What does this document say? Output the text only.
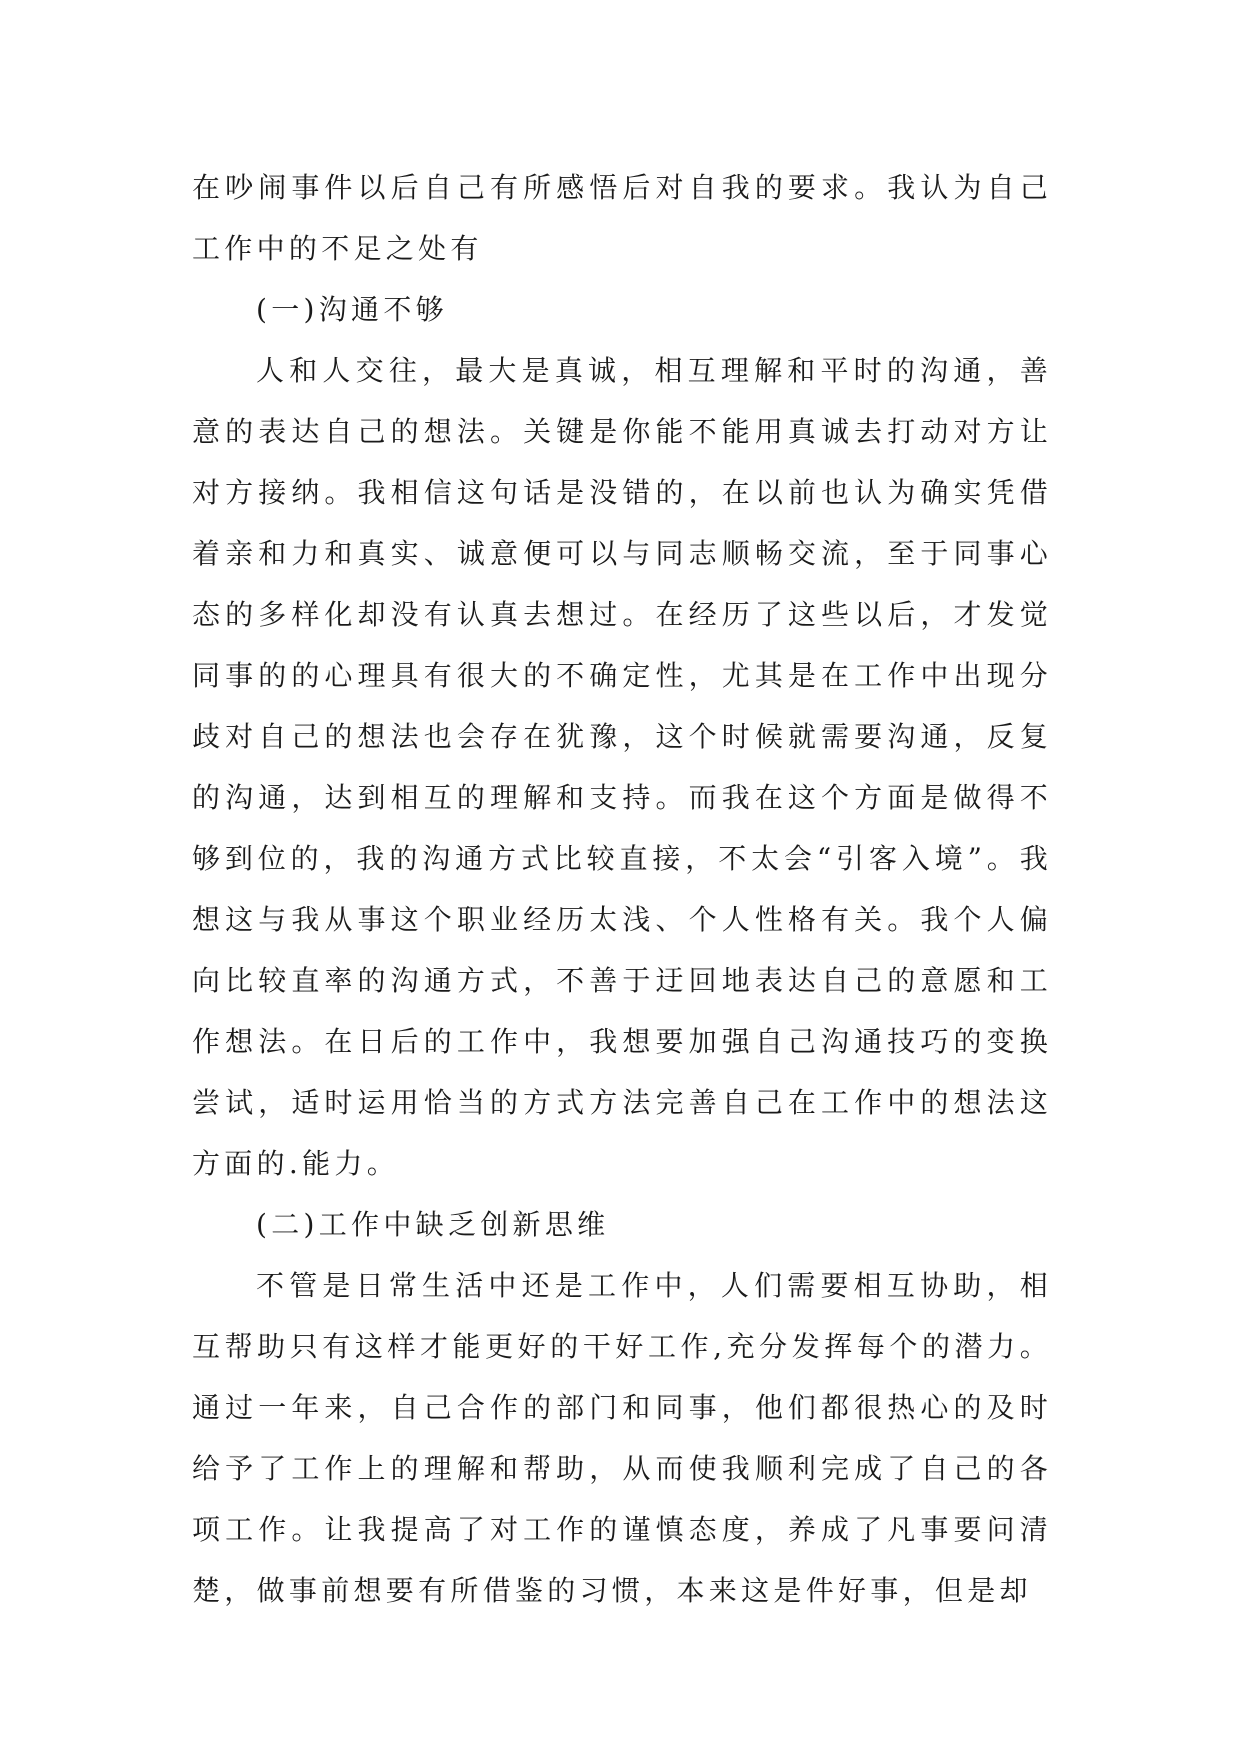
在吵闹事件以后自己有所感悟后对自我的要求。我认为自己工作中的不足之处有

(一)沟通不够

人和人交往，最大是真诚，相互理解和平时的沟通，善意的表达自己的想法。关键是你能不能用真诚去打动对方让对方接纳。我相信这句话是没错的，在以前也认为确实凭借着亲和力和真实、诚意便可以与同志顺畅交流，至于同事心态的多样化却没有认真去想过。在经历了这些以后，才发觉同事的的心理具有很大的不确定性，尤其是在工作中出现分歧对自己的想法也会存在犹豫，这个时候就需要沟通，反复的沟通，达到相互的理解和支持。而我在这个方面是做得不够到位的，我的沟通方式比较直接，不太会“引客入境”。我想这与我从事这个职业经历太浅、个人性格有关。我个人偏向比较直率的沟通方式，不善于迂回地表达自己的意愿和工作想法。在日后的工作中，我想要加强自己沟通技巧的变换尝试，适时运用恰当的方式方法完善自己在工作中的想法这方面的.能力。

(二)工作中缺乏创新思维

不管是日常生活中还是工作中，人们需要相互协助，相互帮助只有这样才能更好的干好工作,充分发挥每个的潜力。通过一年来，自己合作的部门和同事，他们都很热心的及时给予了工作上的理解和帮助，从而使我顺利完成了自己的各项工作。让我提高了对工作的谨慎态度，养成了凡事要问清楚，做事前想要有所借鉴的习惯，本来这是件好事，但是却
